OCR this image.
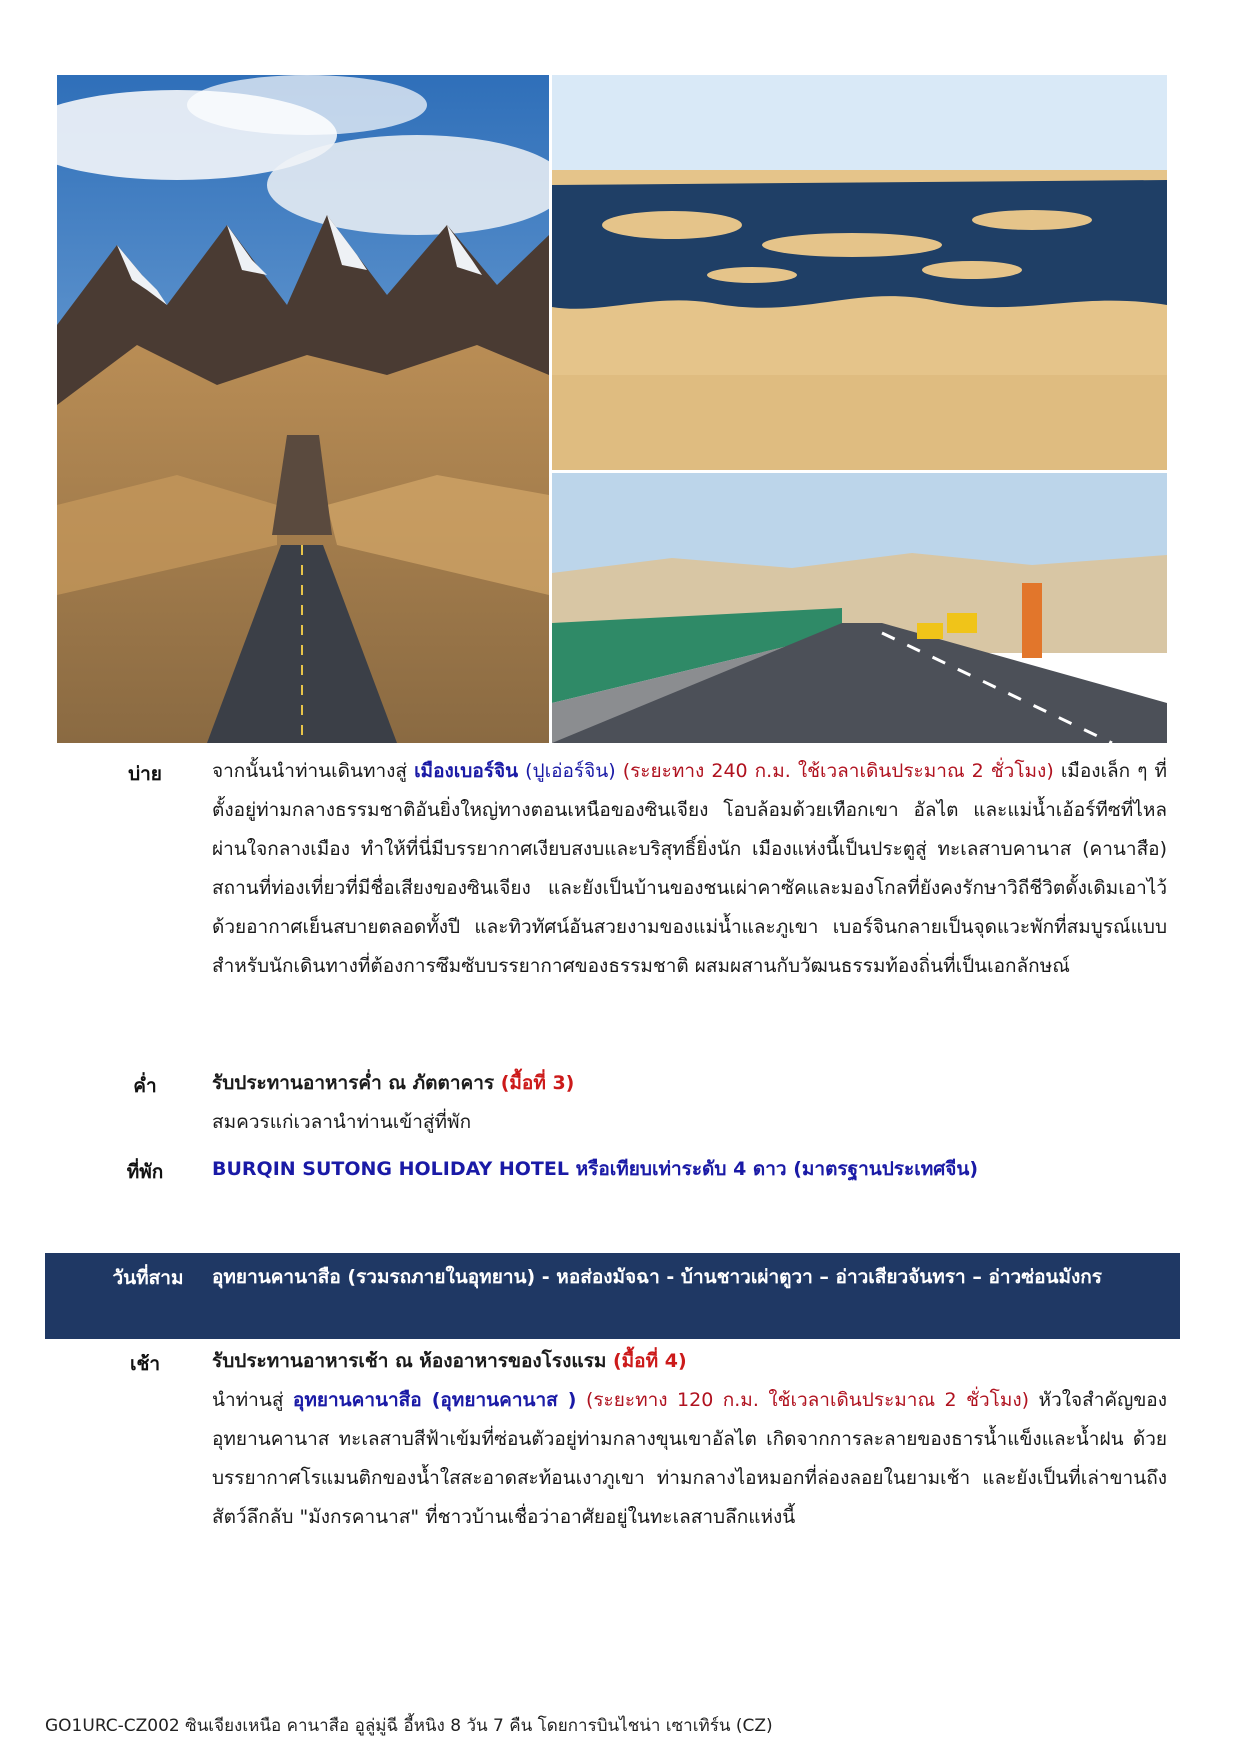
บ่าย	จากนั้นนำท่านเดินทางสู่ เมืองเบอร์จิน (ปูเอ่อร์จิน) (ระยะทาง 240 ก.ม. ใช้เวลาเดินประมาณ 2 ชั่วโมง) เมืองเล็ก ๆ ที่ตั้งอยู่ท่ามกลางธรรมชาติอันยิ่งใหญ่ทางตอนเหนือของซินเจียง โอบล้อมด้วยเทือกเขา อัลไต และแม่น้ำเอ้อร์ทีซที่ไหลผ่านใจกลางเมือง ทำให้ที่นี่มีบรรยากาศเงียบสงบและบริสุทธิ์ยิ่งนัก เมืองแห่งนี้เป็นประตูสู่ ทะเลสาบคานาส (คานาสือ) สถานที่ท่องเที่ยวที่มีชื่อเสียงของซินเจียง และยังเป็นบ้านของชนเผ่าคาซัคและมองโกลที่ยังคงรักษาวิถีชีวิตดั้งเดิมเอาไว้ ด้วยอากาศเย็นสบายตลอดทั้งปี และทิวทัศน์อันสวยงามของแม่น้ำและภูเขา เบอร์จินกลายเป็นจุดแวะพักที่สมบูรณ์แบบสำหรับนักเดินทางที่ต้องการซึมซับบรรยากาศของธรรมชาติ ผสมผสานกับวัฒนธรรมท้องถิ่นที่เป็นเอกลักษณ์
ค่ำ	รับประทานอาหารค่ำ ณ ภัตตาคาร (มื้อที่ 3)
สมควรแก่เวลานำท่านเข้าสู่ที่พัก
ที่พัก	BURQIN SUTONG HOLIDAY HOTEL หรือเทียบเท่าระดับ 4 ดาว (มาตรฐานประเทศจีน)
วันที่สาม	อุทยานคานาสือ (รวมรถภายในอุทยาน) - หอส่องมัจฉา - บ้านชาวเผ่าตูวา – อ่าวเสียวจันทรา – อ่าวซ่อนมังกร
เช้า	รับประทานอาหารเช้า ณ ห้องอาหารของโรงแรม (มื้อที่ 4)
นำท่านสู่ อุทยานคานาสือ (อุทยานคานาส ) (ระยะทาง 120 ก.ม. ใช้เวลาเดินประมาณ 2 ชั่วโมง) หัวใจสำคัญของอุทยานคานาส ทะเลสาบสีฟ้าเข้มที่ซ่อนตัวอยู่ท่ามกลางขุนเขาอัลไต เกิดจากการละลายของธารน้ำแข็งและน้ำฝน ด้วยบรรยากาศโรแมนติกของน้ำใสสะอาดสะท้อนเงาภูเขา ท่ามกลางไอหมอกที่ล่องลอยในยามเช้า และยังเป็นที่เล่าขานถึงสัตว์ลึกลับ "มังกรคานาส" ที่ชาวบ้านเชื่อว่าอาศัยอยู่ในทะเลสาบลึกแห่งนี้
GO1URC-CZ002 ซินเจียงเหนือ คานาสือ อูลู่มู่ฉี อี้หนิง 8 วัน 7 คืน โดยการบินไชน่า เซาเทิร์น (CZ)
